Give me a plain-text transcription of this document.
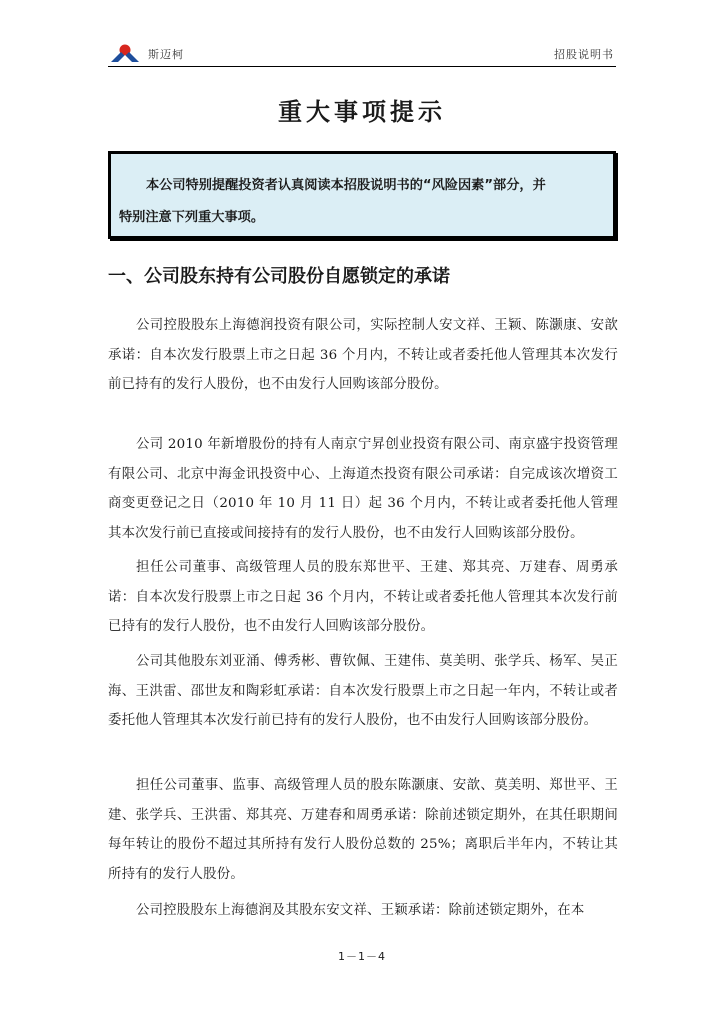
斯迈柯	招股说明书
重大事项提示
本公司特别提醒投资者认真阅读本招股说明书的“风险因素”部分，并
特别注意下列重大事项。
一、公司股东持有公司股份自愿锁定的承诺

公司控股股东上海德润投资有限公司，实际控制人安文祥、王颖、陈灏康、安歆承诺：自本次发行股票上市之日起 36 个月内，不转让或者委托他人管理其本次发行前已持有的发行人股份，也不由发行人回购该部分股份。

公司 2010 年新增股份的持有人南京宁昇创业投资有限公司、南京盛宇投资管理有限公司、北京中海金讯投资中心、上海道杰投资有限公司承诺：自完成该次增资工商变更登记之日（2010 年 10 月 11 日）起 36 个月内，不转让或者委托他人管理其本次发行前已直接或间接持有的发行人股份，也不由发行人回购该部分股份。

担任公司董事、高级管理人员的股东郑世平、王建、郑其亮、万建春、周勇承诺：自本次发行股票上市之日起 36 个月内，不转让或者委托他人管理其本次发行前已持有的发行人股份，也不由发行人回购该部分股份。

公司其他股东刘亚涌、傅秀彬、曹钦佩、王建伟、莫美明、张学兵、杨军、吴正海、王洪雷、邵世友和陶彩虹承诺：自本次发行股票上市之日起一年内，不转让或者委托他人管理其本次发行前已持有的发行人股份，也不由发行人回购该部分股份。

担任公司董事、监事、高级管理人员的股东陈灏康、安歆、莫美明、郑世平、王建、张学兵、王洪雷、郑其亮、万建春和周勇承诺：除前述锁定期外，在其任职期间每年转让的股份不超过其所持有发行人股份总数的 25%；离职后半年内，不转让其所持有的发行人股份。

公司控股股东上海德润及其股东安文祥、王颖承诺：除前述锁定期外，在本

1－1－4
